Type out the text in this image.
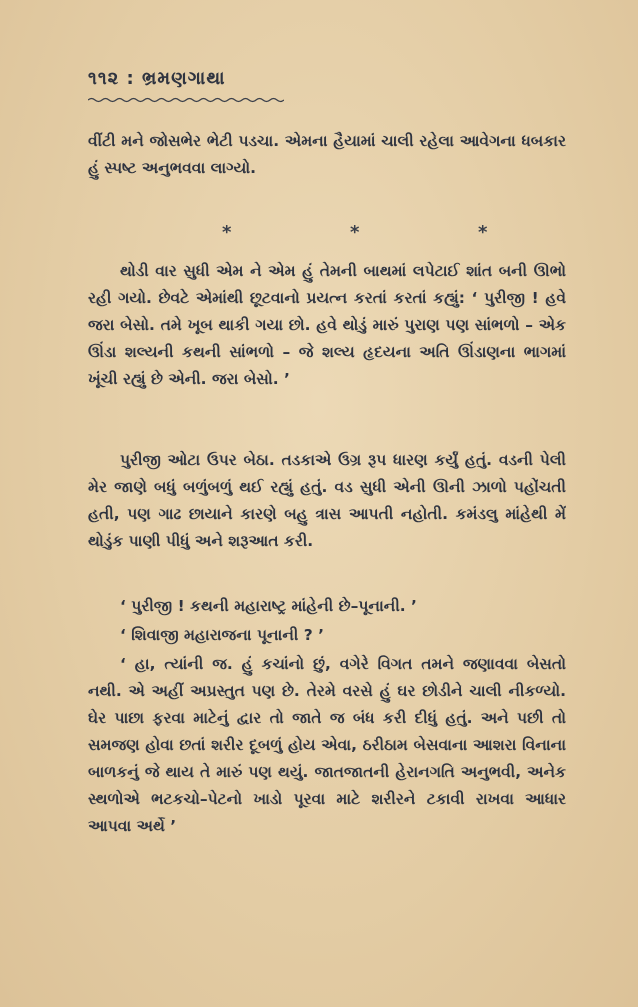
૧૧૨ : ભ્રમણગાથા

વીંટી મને જોસભેર ભેટી પડચા. એમના હૈયામાં ચાલી રહેલા આવેગના ધબકાર હું સ્પષ્ટ અનુભવવા લાગ્યો.

*	*	*

થોડી વાર સુધી એમ ને એમ હું તેમની બાથમાં લપેટાઈ શાંત બની ઊભો રહી ગયો. છેવટે એમાંથી છૂટવાનો પ્રયત્ન કરતાં કરતાં કહ્યું: ‘ પુરીજી ! હવે જરા બેસો. તમે ખૂબ થાકી ગયા છો. હવે થોડું મારું પુરાણ પણ સાંભળો – એક ઊંડા શલ્યની કથની સાંભળો – જે શલ્ય હૃદયના અતિ ઊંડાણના ભાગમાં ખૂંચી રહ્યું છે એની. જરા બેસો. ’

પુરીજી ઓટા ઉપર બેઠા. તડકાએ ઉગ્ર રૂપ ધારણ કર્યું હતું. વડની પેલી મેર જાણે બધું બળુંબળું થઈ રહ્યું હતું. વડ સુધી એની ઊની ઝાળો પહોંચતી હતી, પણ ગાઢ છાયાને કારણે બહુ ત્રાસ આપતી નહોતી. કમંડલુ માંહેથી મેં થોડુંક પાણી પીધું અને શરૂઆત કરી.

‘ પુરીજી ! કથની મહારાષ્ટ્ર માંહેની છે–પૂનાની. ’

‘ શિવાજી મહારાજના પૂનાની ? ’

‘ હા, ત્યાંની જ. હું કચાંનો છું, વગેરે વિગત તમને જણાવવા બેસતો નથી. એ અહીં અપ્રસ્તુત પણ છે. તેરમે વરસે હું ઘર છોડીને ચાલી નીકળ્યો. ઘેર પાછા ફરવા માટેનું દ્વાર તો જાતે જ બંધ કરી દીધું હતું. અને પછી તો સમજણ હોવા છતાં શરીર દૂબળું હોય એવા, ઠરીઠામ બેસવાના આશરા વિનાના બાળકનું જે થાય તે મારું પણ થયું. જાતજાતની હેરાનગતિ અનુભવી, અનેક સ્થળોએ ભટકચો–પેટનો ખાડો પૂરવા માટે શરીરને ટકાવી રાખવા આધાર આપવા અર્થે ’
